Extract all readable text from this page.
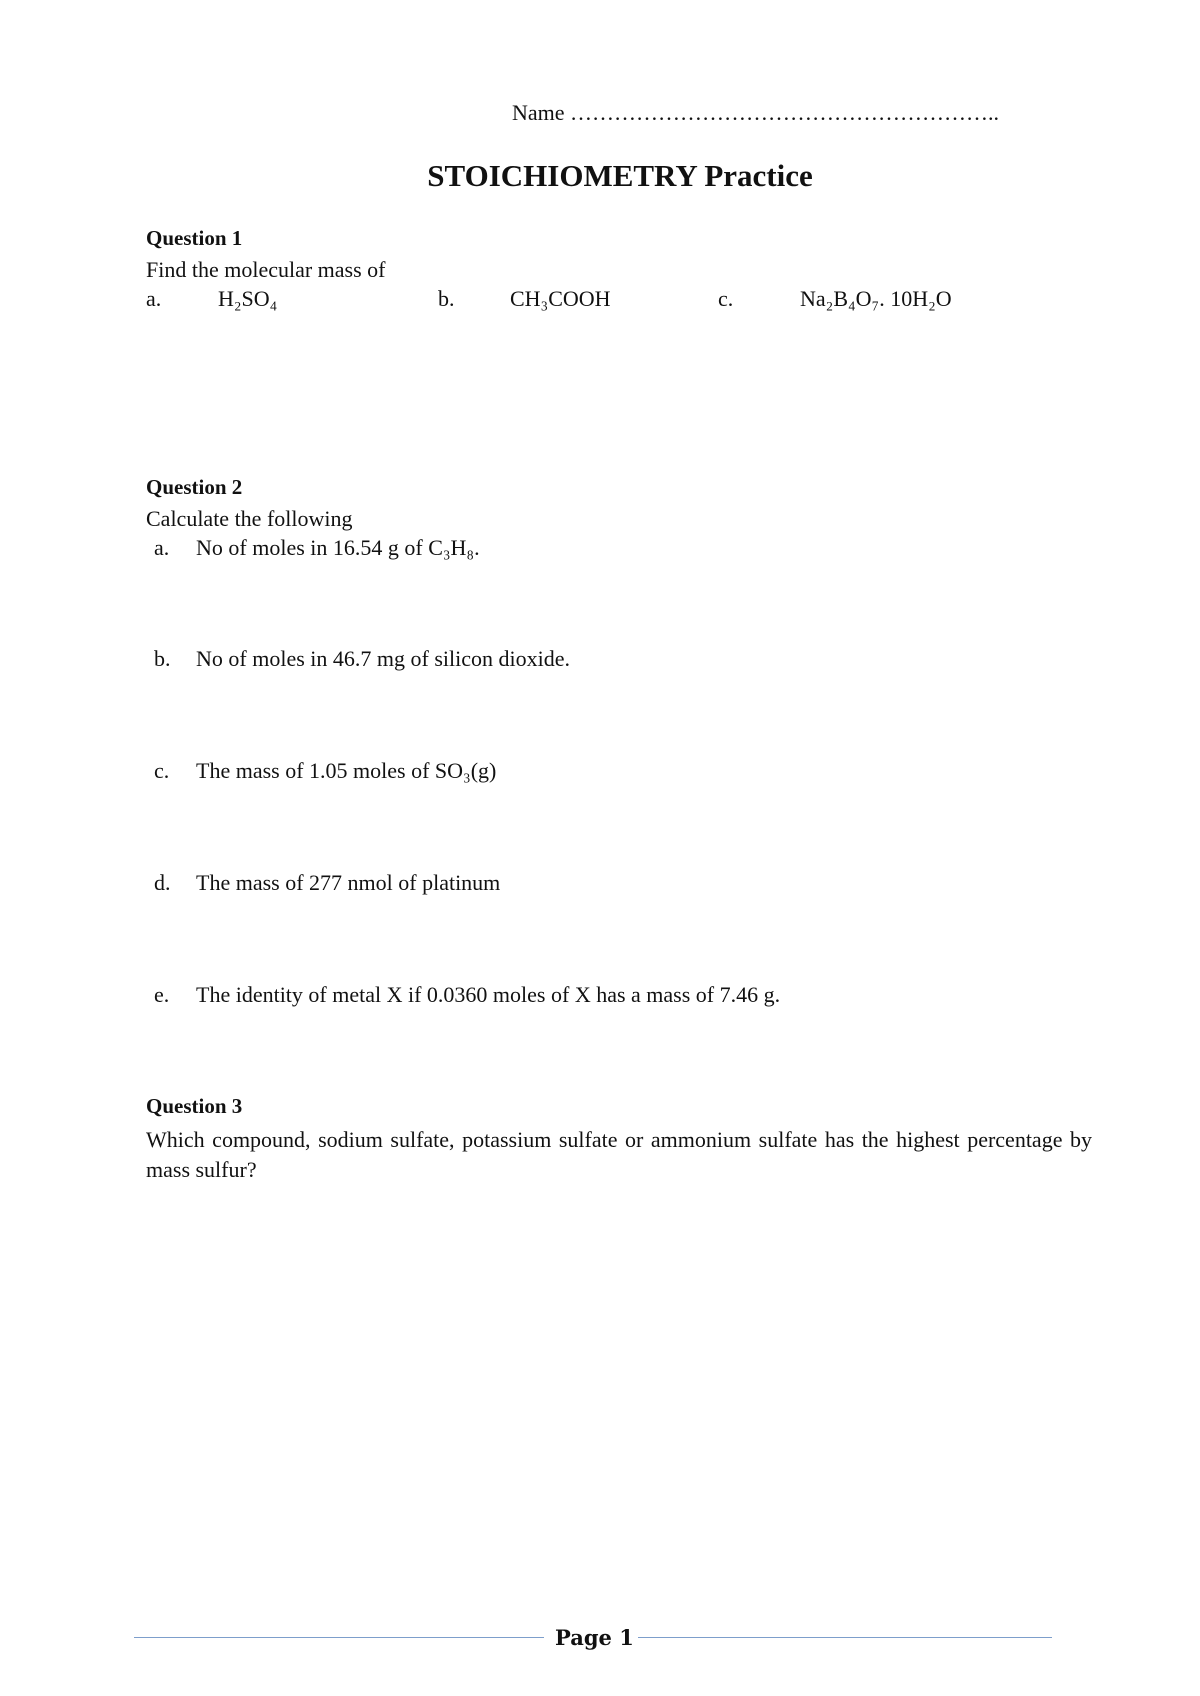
Name …………………………………………………..
STOICHIOMETRY Practice
Question 1
Find the molecular mass of
a.	H₂SO₄	b.	CH₃COOH	c.	Na₂B₄O₇. 10H₂O
Question 2
Calculate the following
a. No of moles in 16.54 g of C₃H₈.
b. No of moles in 46.7 mg of silicon dioxide.
c. The mass of 1.05 moles of SO₃(g)
d. The mass of 277 nmol of platinum
e. The identity of metal X if 0.0360 moles of X has a mass of 7.46 g.
Question 3
Which compound, sodium sulfate, potassium sulfate or ammonium sulfate has the highest percentage by mass sulfur?
Page 1
